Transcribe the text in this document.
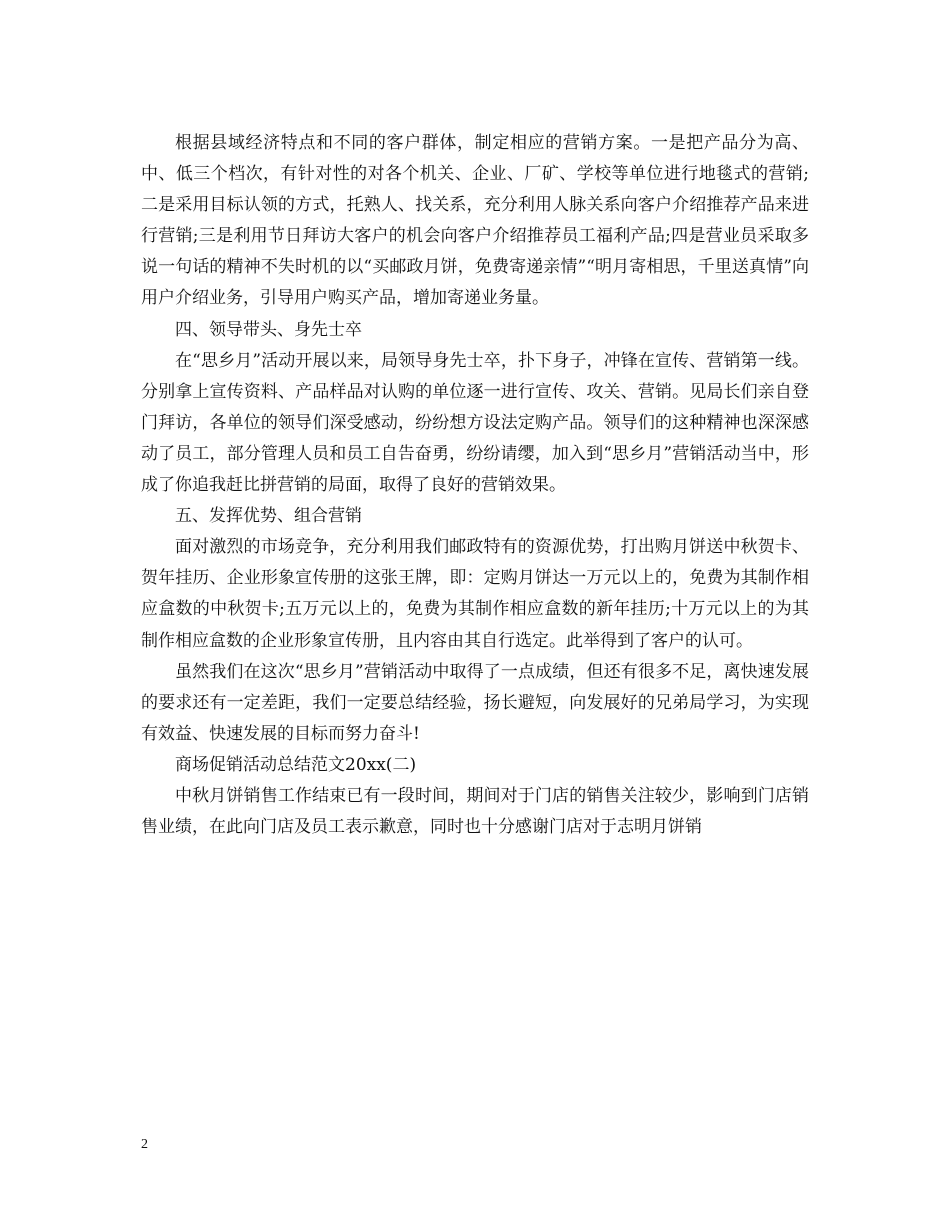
根据县域经济特点和不同的客户群体，制定相应的营销方案。一是把产品分为高、中、低三个档次，有针对性的对各个机关、企业、厂矿、学校等单位进行地毯式的营销;二是采用目标认领的方式，托熟人、找关系，充分利用人脉关系向客户介绍推荐产品来进行营销;三是利用节日拜访大客户的机会向客户介绍推荐员工福利产品;四是营业员采取多说一句话的精神不失时机的以“买邮政月饼，免费寄递亲情”“明月寄相思，千里送真情”向用户介绍业务，引导用户购买产品，增加寄递业务量。

四、领导带头、身先士卒

在“思乡月”活动开展以来，局领导身先士卒，扑下身子，冲锋在宣传、营销第一线。分别拿上宣传资料、产品样品对认购的单位逐一进行宣传、攻关、营销。见局长们亲自登门拜访，各单位的领导们深受感动，纷纷想方设法定购产品。领导们的这种精神也深深感动了员工，部分管理人员和员工自告奋勇，纷纷请缨，加入到“思乡月”营销活动当中，形成了你追我赶比拼营销的局面，取得了良好的营销效果。

五、发挥优势、组合营销

面对激烈的市场竞争，充分利用我们邮政特有的资源优势，打出购月饼送中秋贺卡、贺年挂历、企业形象宣传册的这张王牌，即：定购月饼达一万元以上的，免费为其制作相应盒数的中秋贺卡;五万元以上的，免费为其制作相应盒数的新年挂历;十万元以上的为其制作相应盒数的企业形象宣传册，且内容由其自行选定。此举得到了客户的认可。

虽然我们在这次“思乡月”营销活动中取得了一点成绩，但还有很多不足，离快速发展的要求还有一定差距，我们一定要总结经验，扬长避短，向发展好的兄弟局学习，为实现有效益、快速发展的目标而努力奋斗!

商场促销活动总结范文20xx(二)

中秋月饼销售工作结束已有一段时间，期间对于门店的销售关注较少，影响到门店销售业绩，在此向门店及员工表示歉意，同时也十分感谢门店对于志明月饼销

2
